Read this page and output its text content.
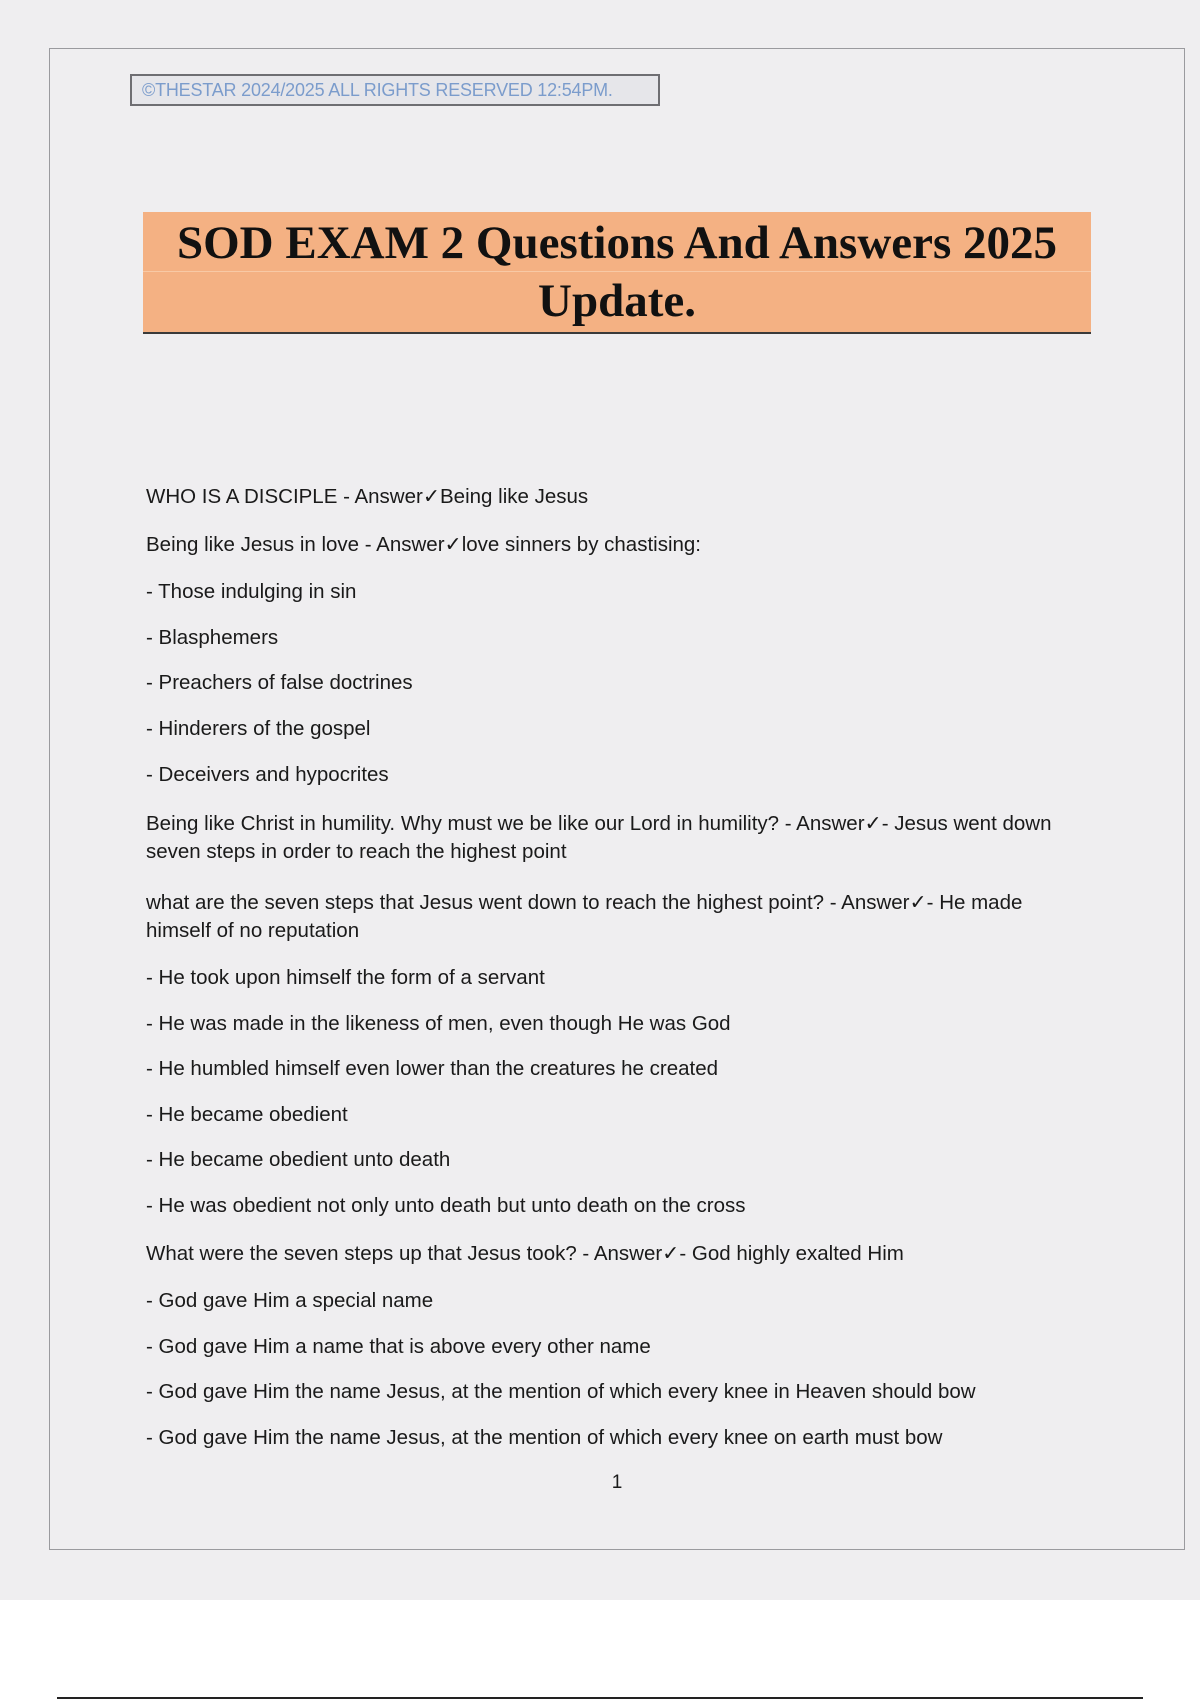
©THESTAR 2024/2025 ALL RIGHTS RESERVED 12:54PM.
SOD EXAM 2 Questions And Answers 2025
Update.
WHO IS A DISCIPLE - Answer✓Being like Jesus
Being like Jesus in love - Answer✓love sinners by chastising:
- Those indulging in sin
- Blasphemers
- Preachers of false doctrines
- Hinderers of the gospel
- Deceivers and hypocrites
Being like Christ in humility. Why must we be like our Lord in humility? - Answer✓- Jesus went down seven steps in order to reach the highest point
what are the seven steps that Jesus went down to reach the highest point? - Answer✓- He made himself of no reputation
- He took upon himself the form of a servant
- He was made in the likeness of men, even though He was God
- He humbled himself even lower than the creatures he created
- He became obedient
- He became obedient unto death
- He was obedient not only unto death but unto death on the cross
What were the seven steps up that Jesus took? - Answer✓- God highly exalted Him
- God gave Him a special name
- God gave Him a name that is above every other name
- God gave Him the name Jesus, at the mention of which every knee in Heaven should bow
- God gave Him the name Jesus, at the mention of which every knee on earth must bow
1
